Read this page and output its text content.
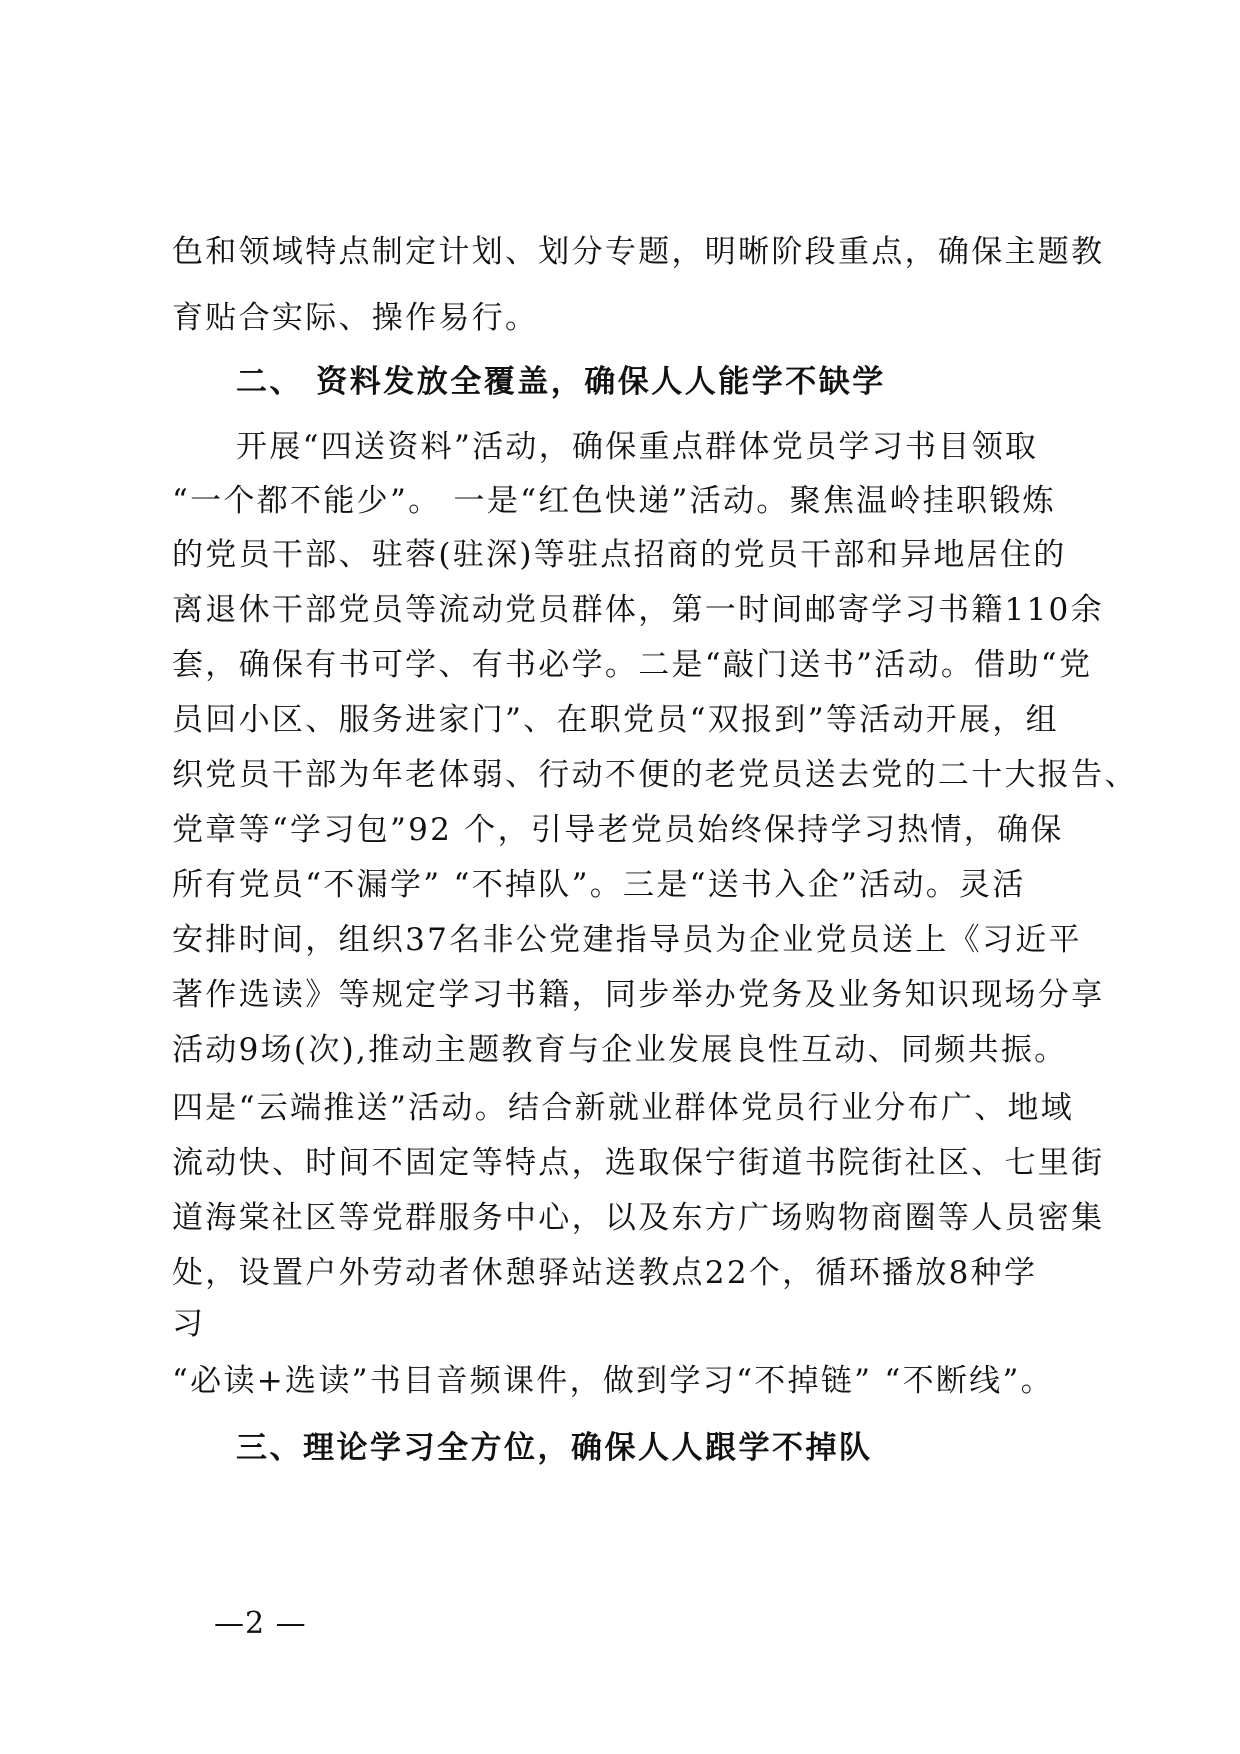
色和领域特点制定计划、划分专题，明晰阶段重点，确保主题教
育贴合实际、操作易行。
二、 资料发放全覆盖，确保人人能学不缺学
开展“四送资料”活动，确保重点群体党员学习书目领取
“一个都不能少”。 一是“红色快递”活动。聚焦温岭挂职锻炼
的党员干部、驻蓉(驻深)等驻点招商的党员干部和异地居住的
离退休干部党员等流动党员群体，第一时间邮寄学习书籍110余
套，确保有书可学、有书必学。二是“敲门送书”活动。借助“党
员回小区、服务进家门”、在职党员“双报到”等活动开展，组
织党员干部为年老体弱、行动不便的老党员送去党的二十大报告、
党章等“学习包”92 个，引导老党员始终保持学习热情，确保
所有党员“不漏学” “不掉队”。三是“送书入企”活动。灵活
安排时间，组织37名非公党建指导员为企业党员送上《习近平
著作选读》等规定学习书籍，同步举办党务及业务知识现场分享
活动9场(次),推动主题教育与企业发展良性互动、同频共振。
四是“云端推送”活动。结合新就业群体党员行业分布广、地域
流动快、时间不固定等特点，选取保宁街道书院街社区、七里街
道海棠社区等党群服务中心，以及东方广场购物商圈等人员密集
处，设置户外劳动者休憩驿站送教点22个，循环播放8种学
习
“必读+选读”书目音频课件，做到学习“不掉链” “不断线”。
三、理论学习全方位，确保人人跟学不掉队
—2 —
